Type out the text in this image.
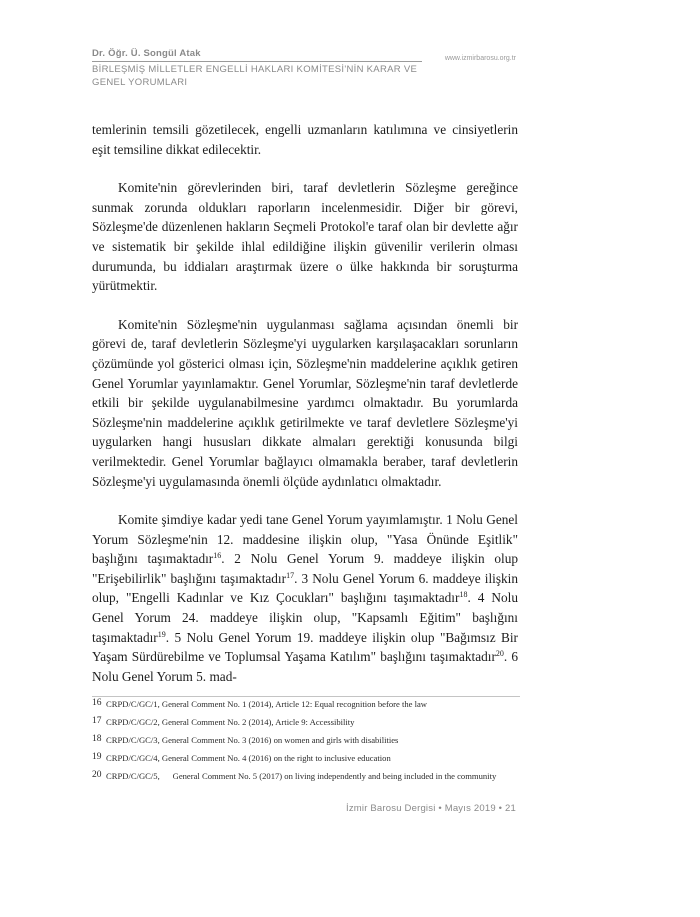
Dr. Öğr. Ü. Songül Atak
BİRLEŞMİŞ MİLLETLER ENGELLİ HAKLARI KOMİTESİ'NİN KARAR VE GENEL YORUMLARI
www.izmirbarosu.org.tr

temlerinin temsili gözetilecek, engelli uzmanların katılımına ve cinsiyetlerin eşit temsiline dikkat edilecektir.

Komite'nin görevlerinden biri, taraf devletlerin Sözleşme gereğince sunmak zorunda oldukları raporların incelenmesidir. Diğer bir görevi, Sözleşme'de düzenlenen hakların Seçmeli Protokol'e taraf olan bir devlette ağır ve sistematik bir şekilde ihlal edildiğine ilişkin güvenilir verilerin olması durumunda, bu iddiaları araştırmak üzere o ülke hakkında bir soruşturma yürütmektir.

Komite'nin Sözleşme'nin uygulanması sağlama açısından önemli bir görevi de, taraf devletlerin Sözleşme'yi uygularken karşılaşacakları sorunların çözümünde yol gösterici olması için, Sözleşme'nin maddelerine açıklık getiren Genel Yorumlar yayınlamaktır. Genel Yorumlar, Sözleşme'nin taraf devletlerde etkili bir şekilde uygulanabilmesine yardımcı olmaktadır. Bu yorumlarda Sözleşme'nin maddelerine açıklık getirilmekte ve taraf devletlere Sözleşme'yi uygularken hangi hususları dikkate almaları gerektiği konusunda bilgi verilmektedir. Genel Yorumlar bağlayıcı olmamakla beraber, taraf devletlerin Sözleşme'yi uygulamasında önemli ölçüde aydınlatıcı olmaktadır.

Komite şimdiye kadar yedi tane Genel Yorum yayımlamıştır. 1 Nolu Genel Yorum Sözleşme'nin 12. maddesine ilişkin olup, "Yasa Önünde Eşitlik" başlığını taşımaktadır$^{16}$. 2 Nolu Genel Yorum 9. maddeye ilişkin olup "Erişebilirlik" başlığını taşımaktadır$^{17}$. 3 Nolu Genel Yorum 6. maddeye ilişkin olup, "Engelli Kadınlar ve Kız Çocukları" başlığını taşımaktadır$^{18}$. 4 Nolu Genel Yorum 24. maddeye ilişkin olup, "Kapsamlı Eğitim" başlığını taşımaktadır$^{19}$. 5 Nolu Genel Yorum 19. maddeye ilişkin olup "Bağımsız Bir Yaşam Sürdürebilme ve Toplumsal Yaşama Katılım" başlığını taşımaktadır$^{20}$. 6 Nolu Genel Yorum 5. mad-

16 CRPD/C/GC/1, General Comment No. 1 (2014), Article 12: Equal recognition before the law
17 CRPD/C/GC/2, General Comment No. 2 (2014), Article 9: Accessibility
18 CRPD/C/GC/3, General Comment No. 3 (2016) on women and girls with disabilities
19 CRPD/C/GC/4, General Comment No. 4 (2016) on the right to inclusive education
20 CRPD/C/GC/5,      General Comment No. 5 (2017) on living independently and being included in the community
İzmir Barosu Dergisi • Mayıs 2019 • 21
